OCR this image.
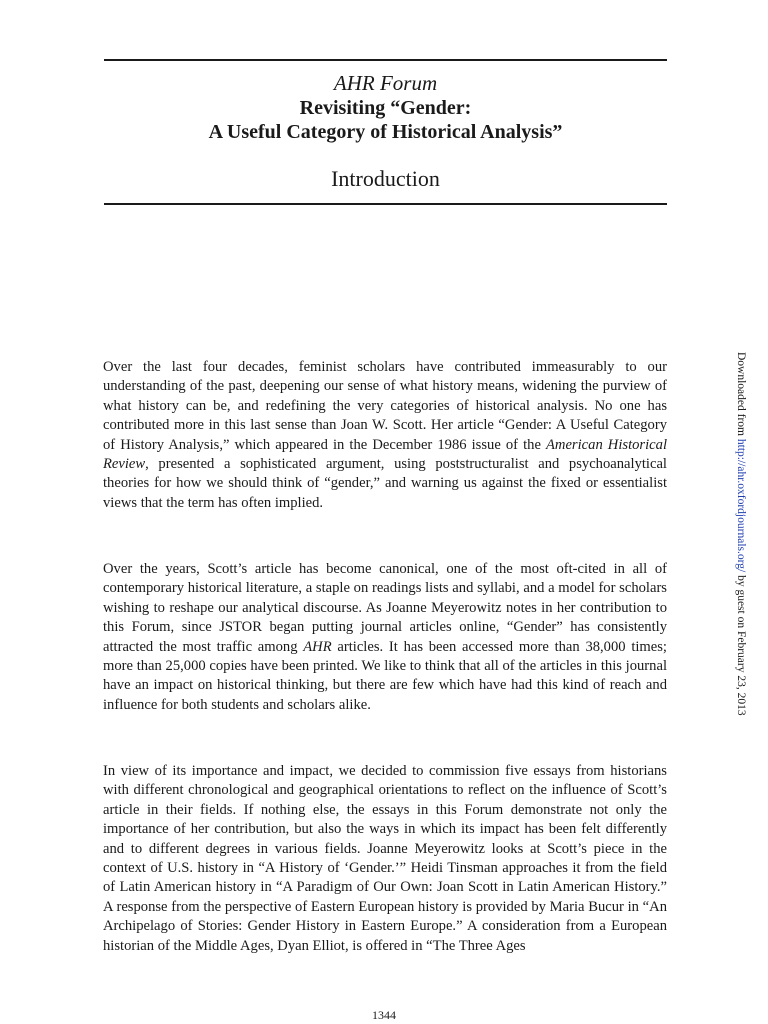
AHR Forum
Revisiting “Gender:
A Useful Category of Historical Analysis”
Introduction
Over the last four decades, feminist scholars have contributed immeasurably to our understanding of the past, deepening our sense of what history means, widening the purview of what history can be, and redefining the very categories of historical analysis. No one has contributed more in this last sense than Joan W. Scott. Her article “Gender: A Useful Category of History Analysis,” which appeared in the December 1986 issue of the American Historical Review, presented a sophisticated argument, using poststructuralist and psychoanalytical theories for how we should think of “gender,” and warning us against the fixed or essentialist views that the term has often implied.
Over the years, Scott’s article has become canonical, one of the most oft-cited in all of contemporary historical literature, a staple on readings lists and syllabi, and a model for scholars wishing to reshape our analytical discourse. As Joanne Meyerowitz notes in her contribution to this Forum, since JSTOR began putting journal articles online, “Gender” has consistently attracted the most traffic among AHR articles. It has been accessed more than 38,000 times; more than 25,000 copies have been printed. We like to think that all of the articles in this journal have an impact on historical thinking, but there are few which have had this kind of reach and influence for both students and scholars alike.
In view of its importance and impact, we decided to commission five essays from historians with different chronological and geographical orientations to reflect on the influence of Scott’s article in their fields. If nothing else, the essays in this Forum demonstrate not only the importance of her contribution, but also the ways in which its impact has been felt differently and to different degrees in various fields. Joanne Meyerowitz looks at Scott’s piece in the context of U.S. history in “A History of ‘Gender.’” Heidi Tinsman approaches it from the field of Latin American history in “A Paradigm of Our Own: Joan Scott in Latin American History.” A response from the perspective of Eastern European history is provided by Maria Bucur in “An Archipelago of Stories: Gender History in Eastern Europe.” A consideration from a European historian of the Middle Ages, Dyan Elliot, is offered in “The Three Ages
1344
Downloaded from http://ahr.oxfordjournals.org/ by guest on February 23, 2013
